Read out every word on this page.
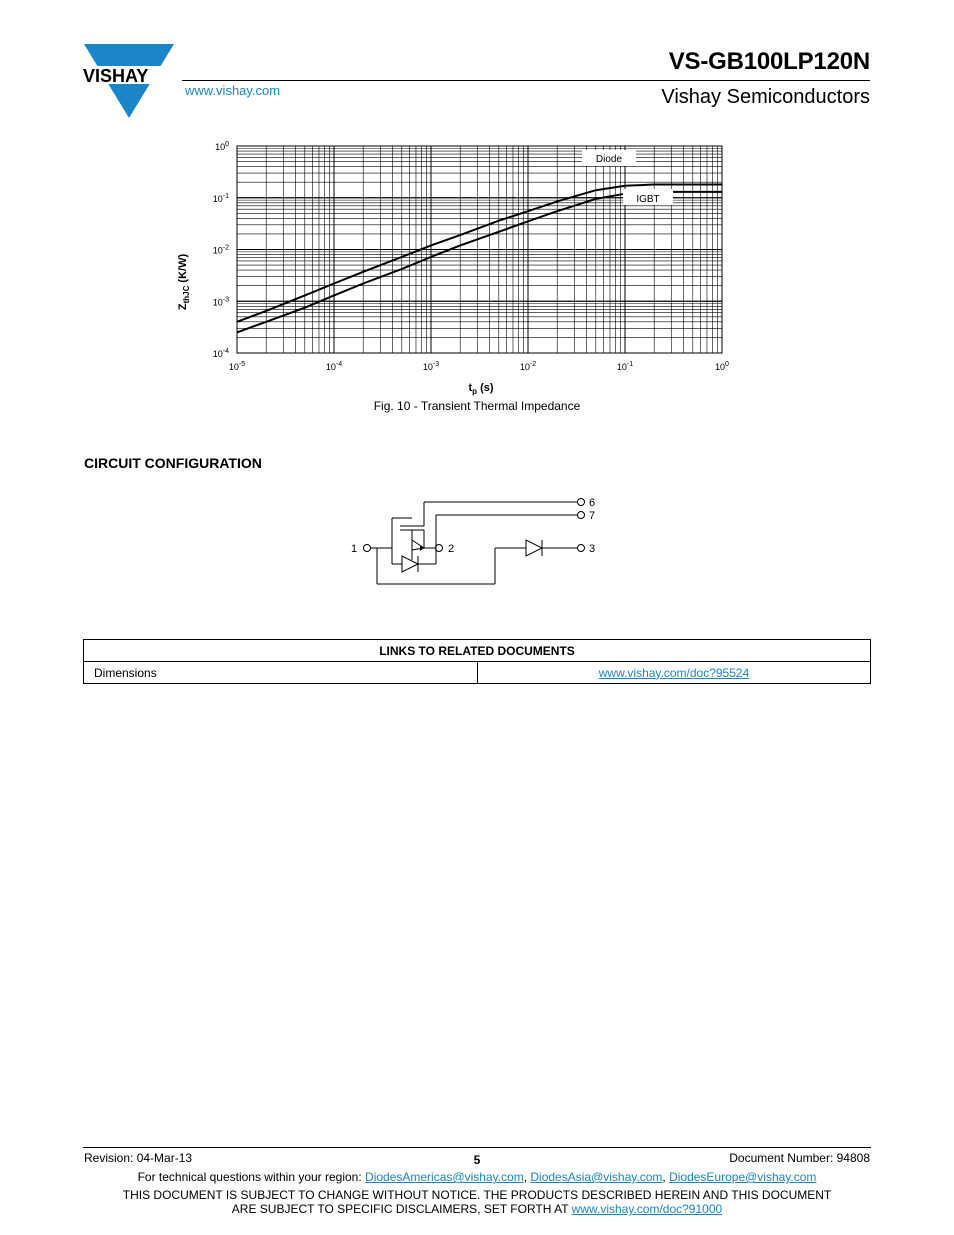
VISHAY
www.vishay.com
VS-GB100LP120N
Vishay Semiconductors
$10^{-5}$	$10^{-4}$	$10^{-3}$	$10^{-2}$	$10^{-1}$	$10^0$
$10^0$
$10^{-1}$
$10^{-2}$
$10^{-3}$
$10^{-4}$
$Z_{thJC}$ (K/W)
$t_p$ (s)
Diode
IGBT
Fig. 10 - Transient Thermal Impedance
CIRCUIT CONFIGURATION
1	2	3
6
7
LINKS TO RELATED DOCUMENTS
Dimensions	www.vishay.com/doc?95524
Revision: 04-Mar-13	5	Document Number: 94808
For technical questions within your region: DiodesAmericas@vishay.com, DiodesAsia@vishay.com, DiodesEurope@vishay.com
THIS DOCUMENT IS SUBJECT TO CHANGE WITHOUT NOTICE. THE PRODUCTS DESCRIBED HEREIN AND THIS DOCUMENT
ARE SUBJECT TO SPECIFIC DISCLAIMERS, SET FORTH AT www.vishay.com/doc?91000
